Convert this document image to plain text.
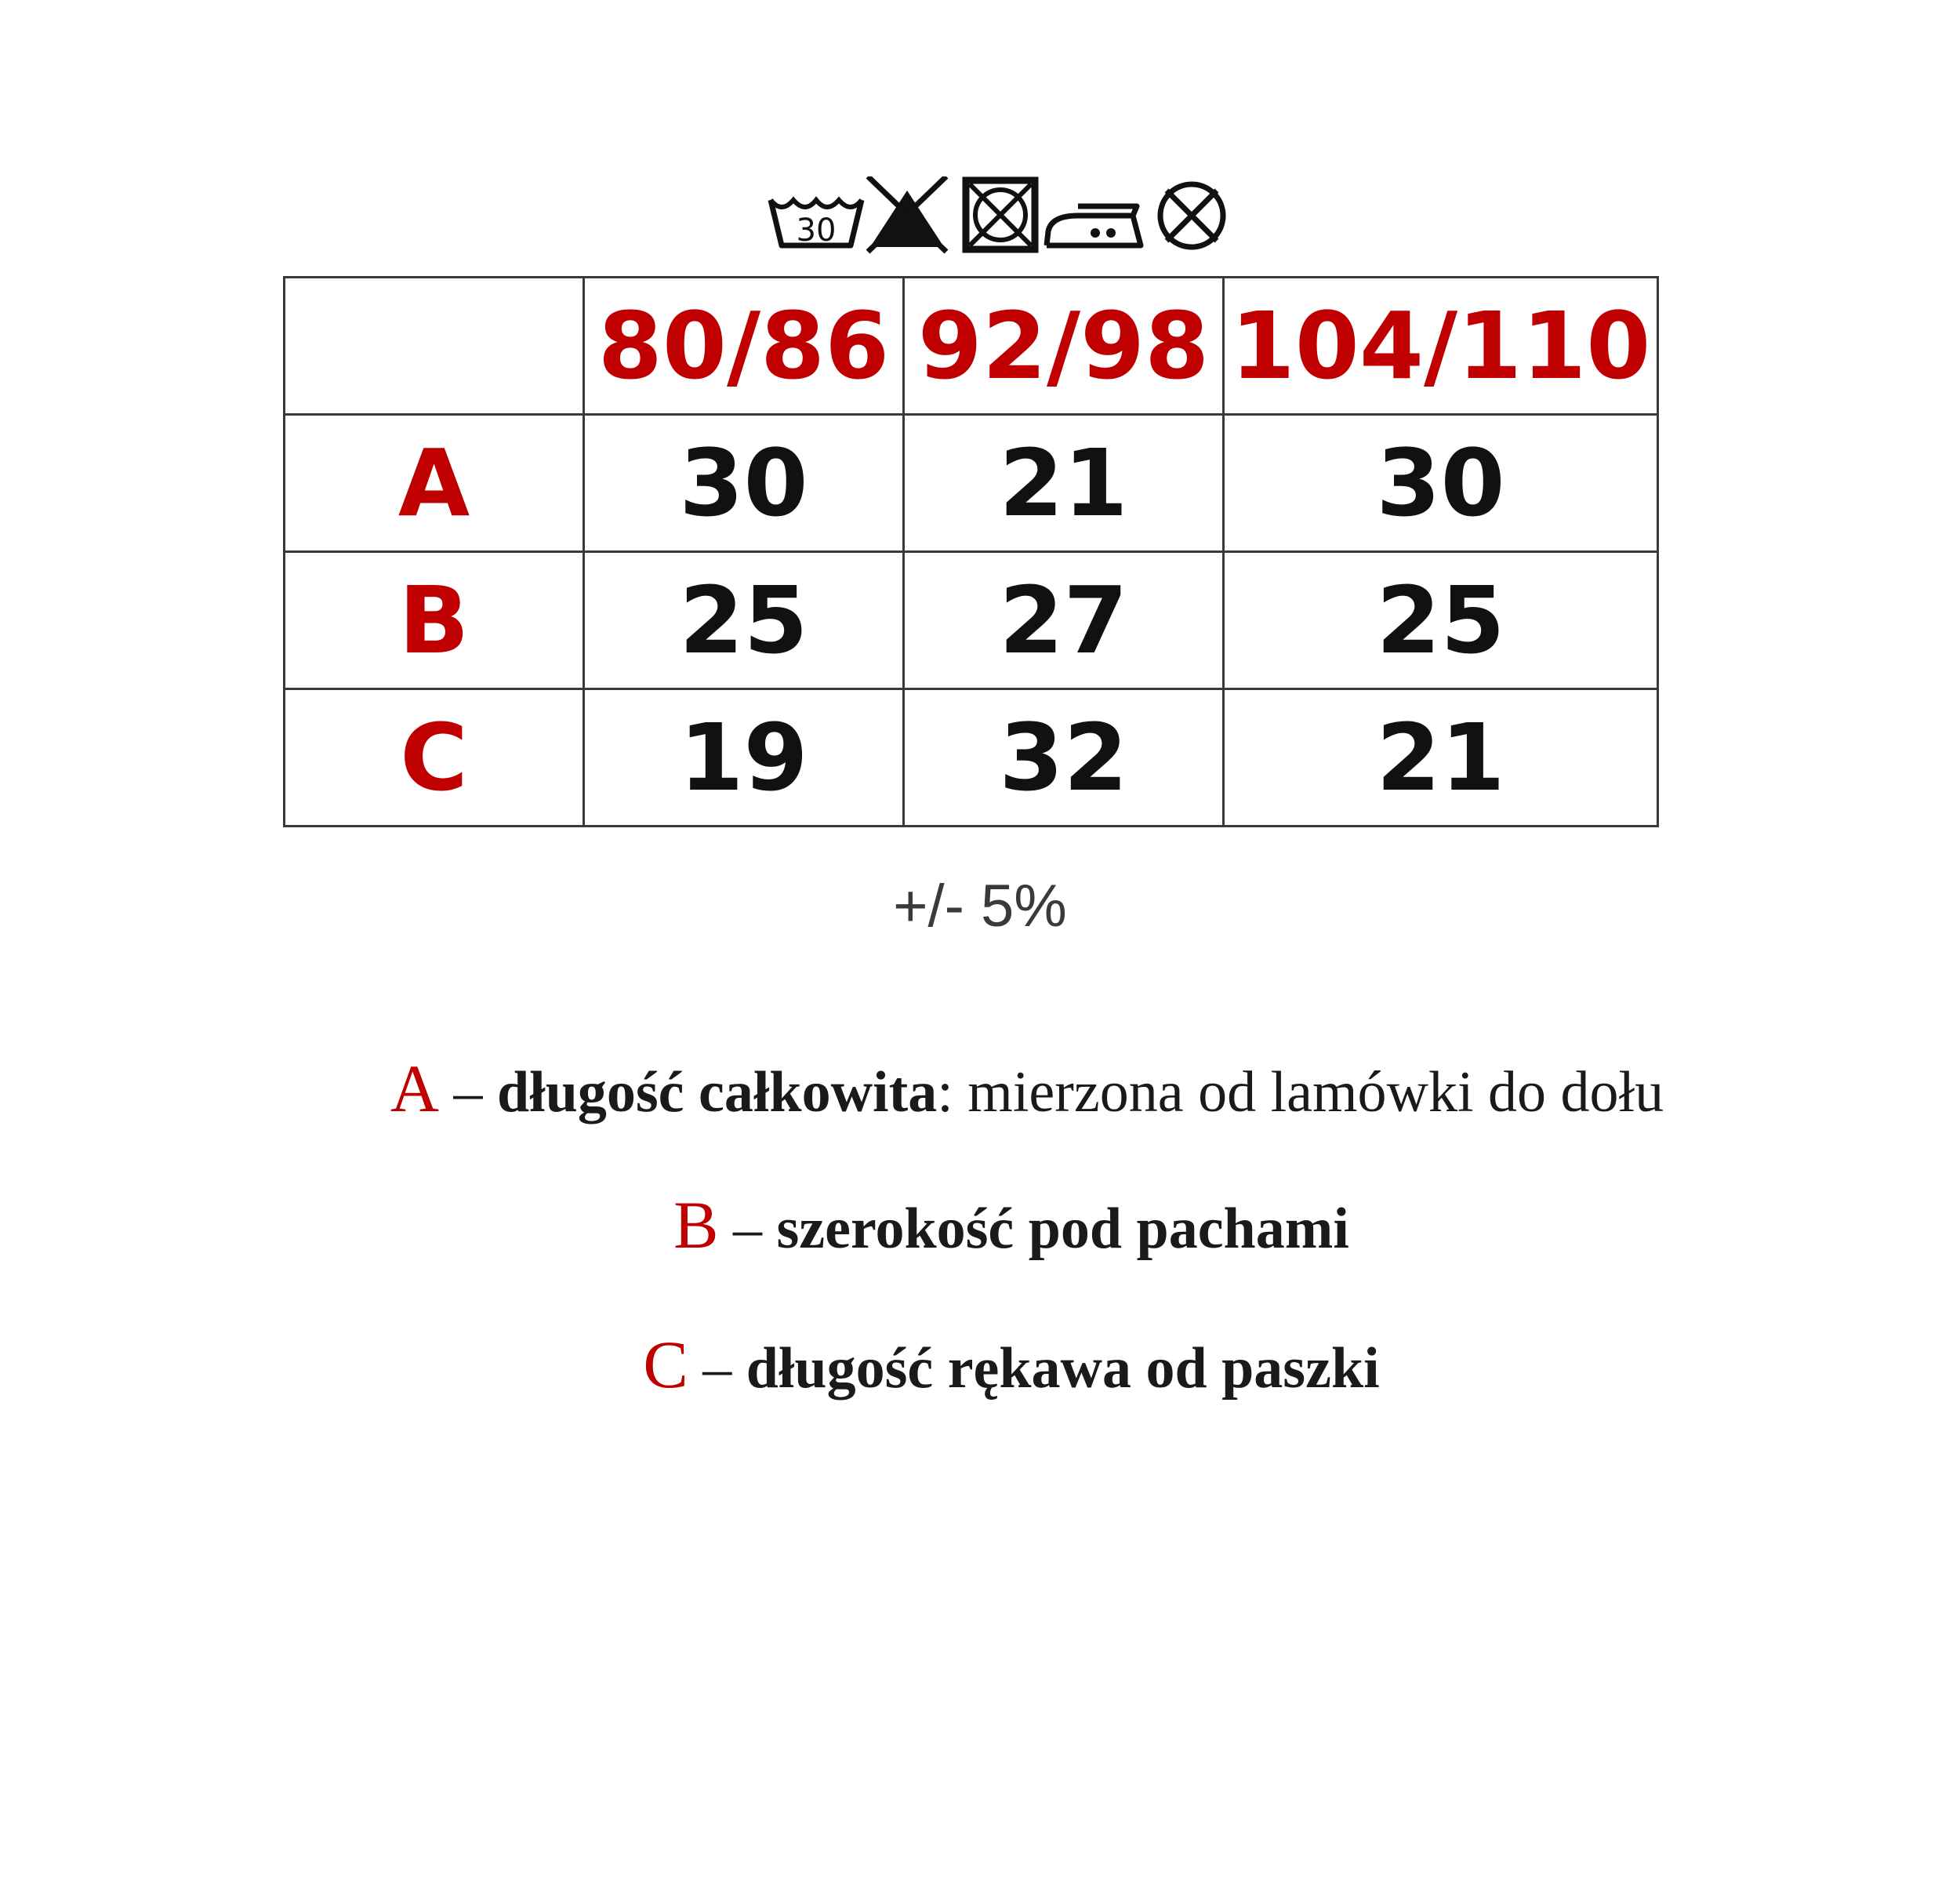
30
	80/86	92/98	104/110
A	30	21	30
B	25	27	25
C	19	32	21
+/- 5%
A – długość całkowita: mierzona od lamówki do dołu
B – szerokość pod pachami
C – długość rękawa od paszki
